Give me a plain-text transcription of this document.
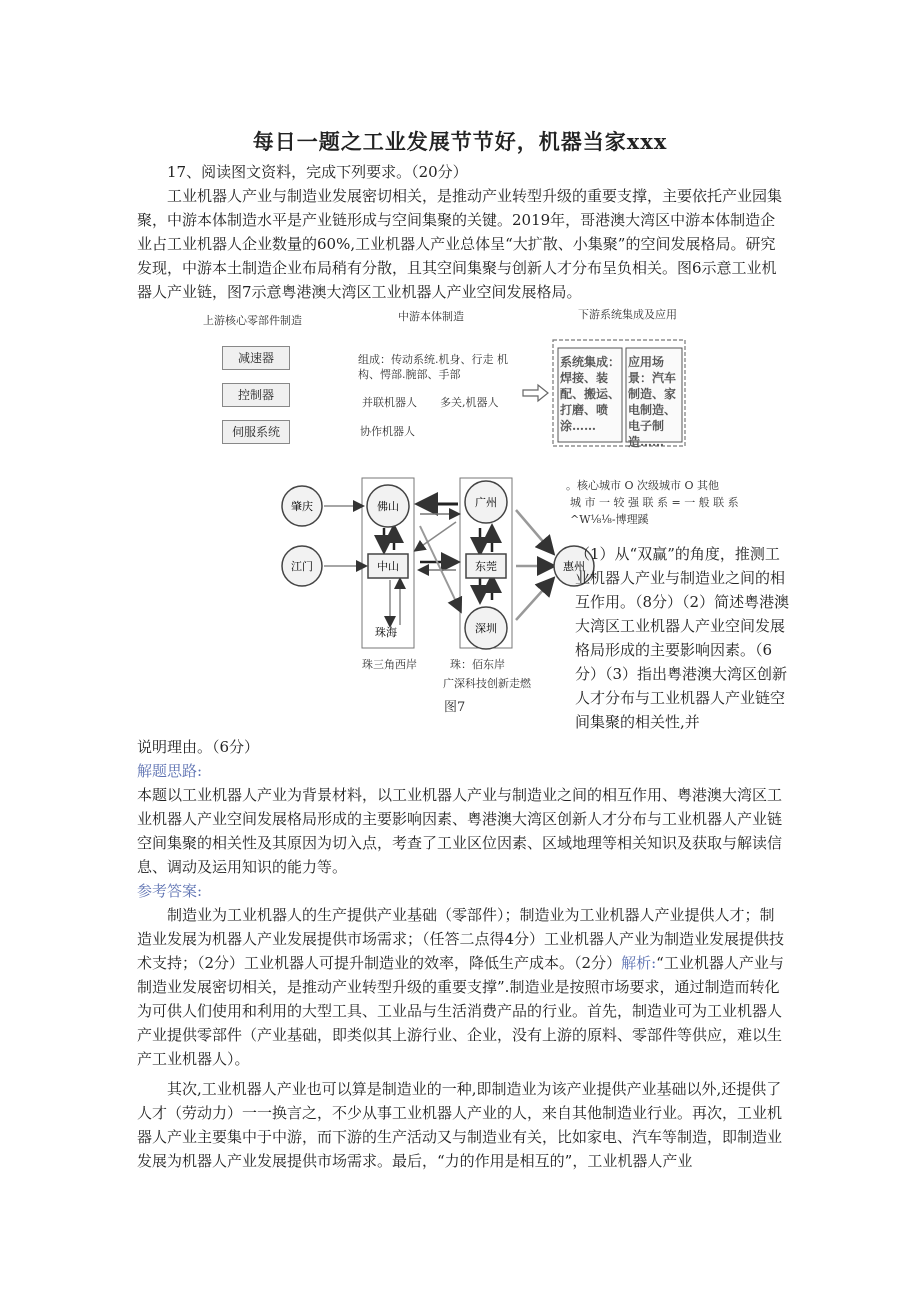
每日一题之工业发展节节好，机器当家xxx
17、阅读图文资料，完成下列要求。（20分）
工业机器人产业与制造业发展密切相关，是推动产业转型升级的重要支撑，主要依托产业园集聚，中游本体制造水平是产业链形成与空间集聚的关键。2019年，哥港澳大湾区中游本体制造企业占工业机器人企业数量的60%,工业机器人产业总体呈“大扩散、小集聚”的空间发展格局。研究发现，中游本土制造企业布局稍有分散，且其空间集聚与创新人才分布呈负相关。图6示意工业机器人产业链，图7示意粤港澳大湾区工业机器人产业空间发展格局。
上游核心零部件制造	中游本体制造	下游系统集成及应用
减速器
控制器
伺服系统
组成：传动系统.机身、行走 机构、愕部.腕部、手部
并联机器人 多关,机器人
协作机器人
系统集成：焊接、装配、搬运、打磨、喷涂……
应用场景：汽车制造、家电制造、电子制造……
肇庆	佛山	广州
江门	中山	东莞	惠州
深圳
珠海
珠三角西岸	珠：佰东岸
广深科技创新走燃
图7
。核心城市 O 次级城市 O 其他
城 市 一 较 强 联 系 = 一 般 联 系
^W⅛⅛-博理蹊
（1）从“双赢”的角度，推测工业机器人产业与制造业之间的相互作用。（8分）（2）简述粤港澳大湾区工业机器人产业空间发展格局形成的主要影响因素。（6分）（3）指出粤港澳大湾区创新人才分布与工业机器人产业链空间集聚的相关性,并
说明理由。（6分）
解题思路:
本题以工业机器人产业为背景材料，以工业机器人产业与制造业之间的相互作用、粤港澳大湾区工业机器人产业空间发展格局形成的主要影响因素、粤港澳大湾区创新人才分布与工业机器人产业链空间集聚的相关性及其原因为切入点，考查了工业区位因素、区域地理等相关知识及获取与解读信息、调动及运用知识的能力等。
参考答案:
制造业为工业机器人的生产提供产业基础（零部件）；制造业为工业机器人产业提供人才；制造业发展为机器人产业发展提供市场需求；（任答二点得4分）工业机器人产业为制造业发展提供技术支持；（2分）工业机器人可提升制造业的效率，降低生产成本。（2分）解析:“工业机器人产业与制造业发展密切相关，是推动产业转型升级的重要支撑”.制造业是按照市场要求，通过制造而转化为可供人们使用和利用的大型工具、工业品与生活消费产品的行业。首先，制造业可为工业机器人产业提供零部件（产业基础，即类似其上游行业、企业，没有上游的原料、零部件等供应，难以生产工业机器人）。
其次,工业机器人产业也可以算是制造业的一种,即制造业为该产业提供产业基础以外,还提供了人才（劳动力）一一换言之，不少从事工业机器人产业的人，来自其他制造业行业。再次，工业机器人产业主要集中于中游，而下游的生产活动又与制造业有关，比如家电、汽车等制造，即制造业发展为机器人产业发展提供市场需求。最后，“力的作用是相互的”，工业机器人产业
